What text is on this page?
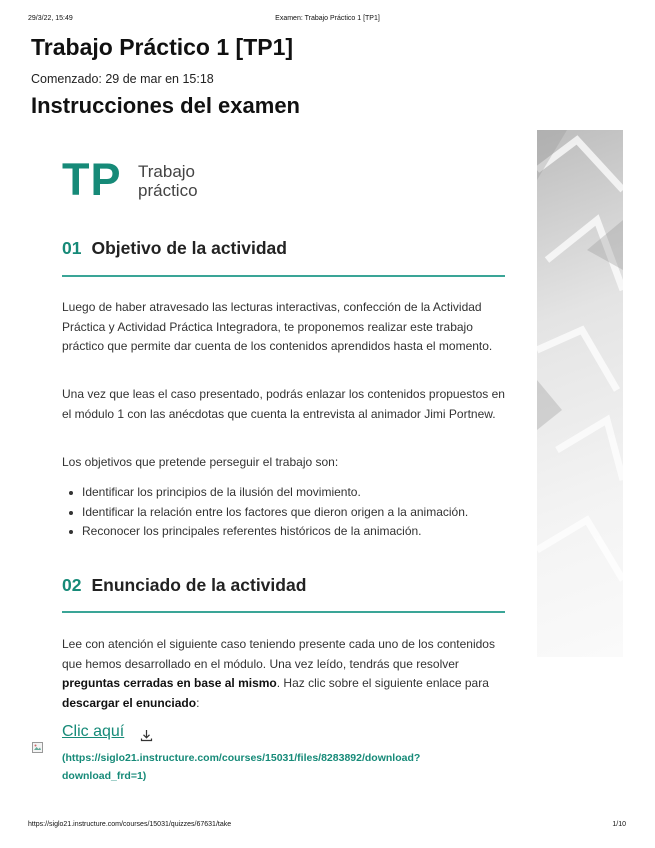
29/3/22, 15:49	Examen: Trabajo Práctico 1 [TP1]
Trabajo Práctico 1 [TP1]
Comenzado: 29 de mar en 15:18
Instrucciones del examen
TP Trabajo
práctico
01 Objetivo de la actividad

Luego de haber atravesado las lecturas interactivas, confección de la Actividad Práctica y Actividad Práctica Integradora, te proponemos realizar este trabajo práctico que permite dar cuenta de los contenidos aprendidos hasta el momento.

Una vez que leas el caso presentado, podrás enlazar los contenidos propuestos en el módulo 1 con las anécdotas que cuenta la entrevista al animador Jimi Portnew.

Los objetivos que pretende perseguir el trabajo son:

Identificar los principios de la ilusión del movimiento.
Identificar la relación entre los factores que dieron origen a la animación.
Reconocer los principales referentes históricos de la animación.
02 Enunciado de la actividad

Lee con atención el siguiente caso teniendo presente cada uno de los contenidos que hemos desarrollado en el módulo. Una vez leído, tendrás que resolver preguntas cerradas en base al mismo. Haz clic sobre el siguiente enlace para descargar el enunciado:

Clic aquí
(https://siglo21.instructure.com/courses/15031/files/8283892/download?download_frd=1)
https://siglo21.instructure.com/courses/15031/quizzes/67631/take	1/10
